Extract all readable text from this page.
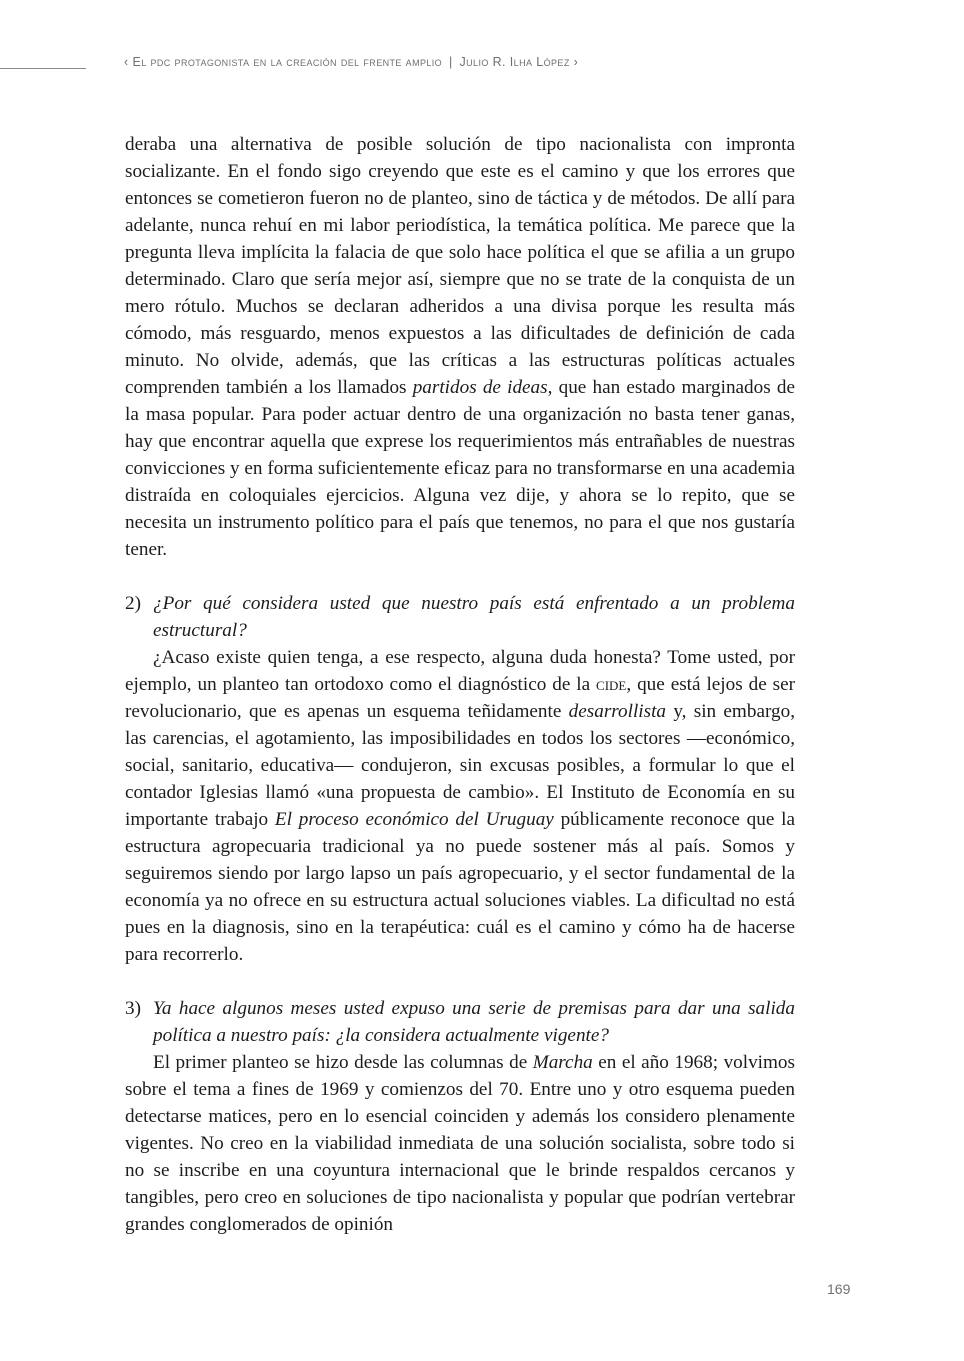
‹ El pdc protagonista en la creación del frente amplio | Julio R. Ilha López ›

deraba una alternativa de posible solución de tipo nacionalista con impronta socializante. En el fondo sigo creyendo que este es el camino y que los errores que entonces se cometieron fueron no de planteo, sino de táctica y de métodos. De allí para adelante, nunca rehuí en mi labor periodística, la temática política. Me parece que la pregunta lleva implícita la falacia de que solo hace política el que se afilia a un grupo determinado. Claro que sería mejor así, siempre que no se trate de la conquista de un mero rótulo. Muchos se declaran adheridos a una divisa porque les resulta más cómodo, más resguardo, menos expuestos a las dificultades de definición de cada minuto. No olvide, además, que las críticas a las estructuras políticas actuales comprenden también a los llamados partidos de ideas, que han estado marginados de la masa popular. Para poder actuar dentro de una organización no basta tener ganas, hay que encontrar aquella que exprese los requerimientos más entrañables de nuestras convicciones y en forma suficientemente eficaz para no transformarse en una academia distraída en coloquiales ejercicios. Alguna vez dije, y ahora se lo repito, que se necesita un instrumento político para el país que tenemos, no para el que nos gustaría tener.

2) ¿Por qué considera usted que nuestro país está enfrentado a un problema estructural?

¿Acaso existe quien tenga, a ese respecto, alguna duda honesta? Tome usted, por ejemplo, un planteo tan ortodoxo como el diagnóstico de la cide, que está lejos de ser revolucionario, que es apenas un esquema teñidamente desarrollista y, sin embargo, las carencias, el agotamiento, las imposibilidades en todos los sectores —económico, social, sanitario, educativa— condujeron, sin excusas posibles, a formular lo que el contador Iglesias llamó «una propuesta de cambio». El Instituto de Economía en su importante trabajo El proceso económico del Uruguay públicamente reconoce que la estructura agropecuaria tradicional ya no puede sostener más al país. Somos y seguiremos siendo por largo lapso un país agropecuario, y el sector fundamental de la economía ya no ofrece en su estructura actual soluciones viables. La dificultad no está pues en la diagnosis, sino en la terapéutica: cuál es el camino y cómo ha de hacerse para recorrerlo.

3) Ya hace algunos meses usted expuso una serie de premisas para dar una salida política a nuestro país: ¿la considera actualmente vigente?

El primer planteo se hizo desde las columnas de Marcha en el año 1968; volvimos sobre el tema a fines de 1969 y comienzos del 70. Entre uno y otro esquema pueden detectarse matices, pero en lo esencial coinciden y además los considero plenamente vigentes. No creo en la viabilidad inmediata de una solución socialista, sobre todo si no se inscribe en una coyuntura internacional que le brinde respaldos cercanos y tangibles, pero creo en soluciones de tipo nacionalista y popular que podrían vertebrar grandes conglomerados de opinión

169
